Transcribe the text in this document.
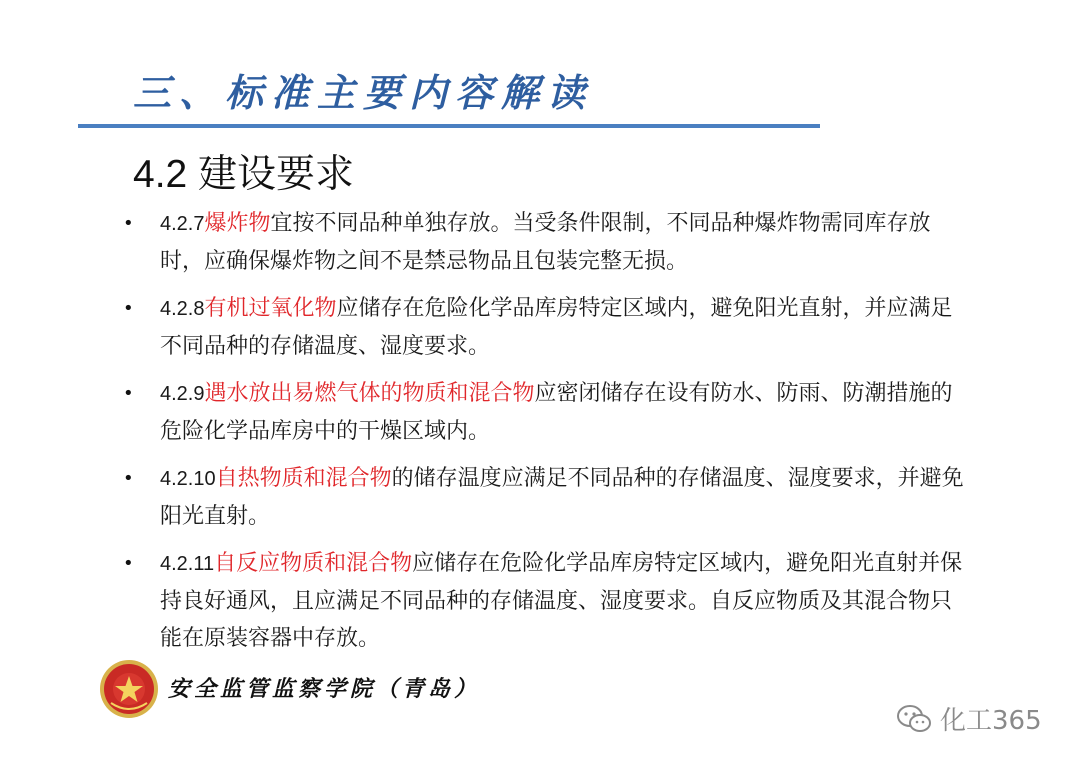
三、标准主要内容解读
4.2 建设要求
• 4.2.7爆炸物宜按不同品种单独存放。当受条件限制，不同品种爆炸物需同库存放时，应确保爆炸物之间不是禁忌物品且包装完整无损。
• 4.2.8有机过氧化物应储存在危险化学品库房特定区域内，避免阳光直射，并应满足不同品种的存储温度、湿度要求。
• 4.2.9遇水放出易燃气体的物质和混合物应密闭储存在设有防水、防雨、防潮措施的危险化学品库房中的干燥区域内。
• 4.2.10自热物质和混合物的储存温度应满足不同品种的存储温度、湿度要求，并避免阳光直射。
• 4.2.11自反应物质和混合物应储存在危险化学品库房特定区域内，避免阳光直射并保持良好通风，且应满足不同品种的存储温度、湿度要求。自反应物质及其混合物只能在原装容器中存放。
安全监管监察学院（青岛）
化工365
